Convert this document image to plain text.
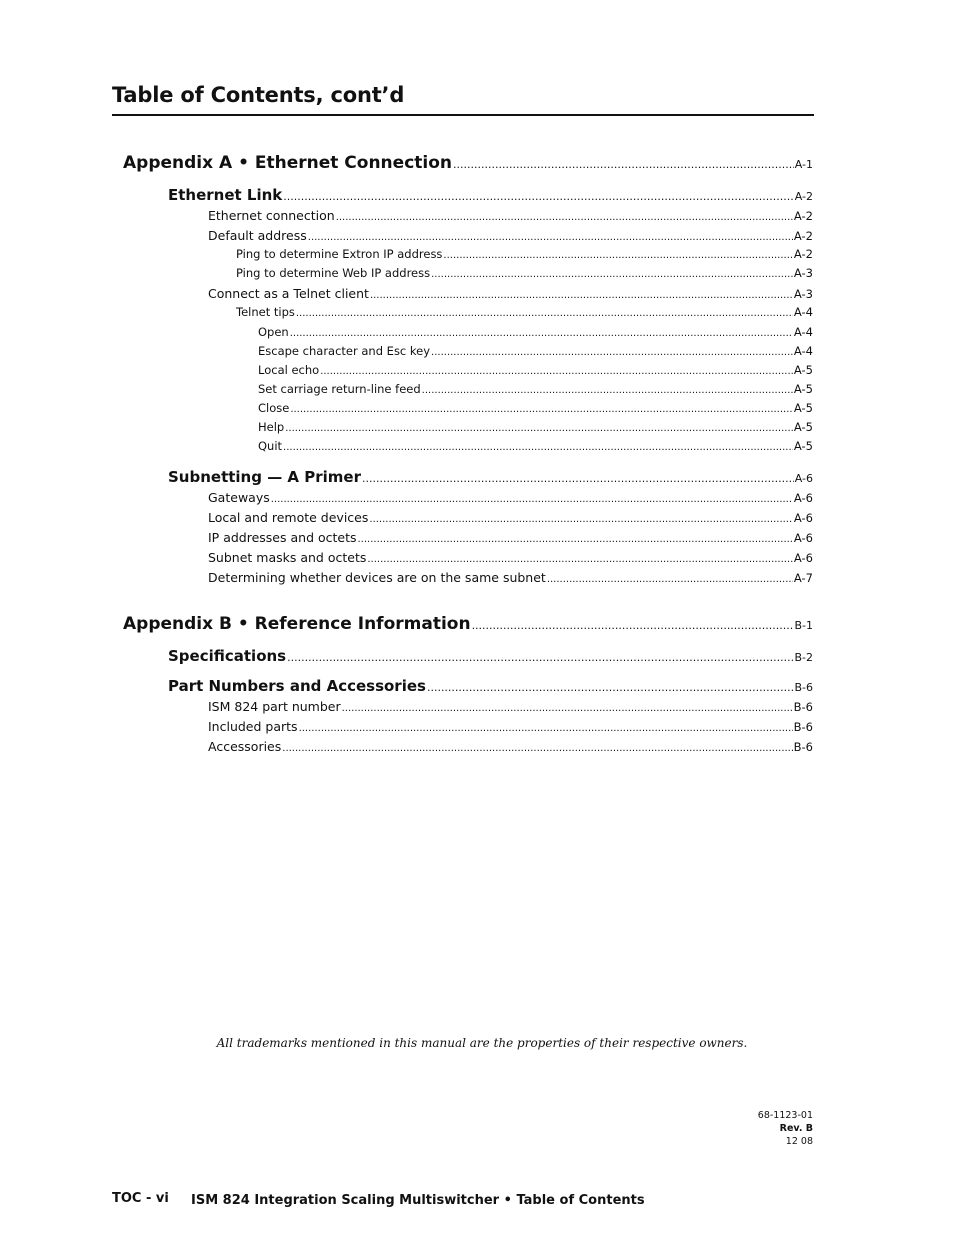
Table of Contents, cont’d
Appendix A • Ethernet Connection .....	A-1
Ethernet Link .....	A-2
Ethernet connection .....	A-2
Default address .....	A-2
Ping to determine Extron IP address .....	A-2
Ping to determine Web IP address .....	A-3
Connect as a Telnet client .....	A-3
Telnet tips .....	A-4
Open .....	A-4
Escape character and Esc key .....	A-4
Local echo .....	A-5
Set carriage return-line feed .....	A-5
Close .....	A-5
Help .....	A-5
Quit .....	A-5
Subnetting — A Primer .....	A-6
Gateways .....	A-6
Local and remote devices .....	A-6
IP addresses and octets .....	A-6
Subnet masks and octets .....	A-6
Determining whether devices are on the same subnet .....	A-7
Appendix B • Reference Information .....	B-1
Specifications .....	B-2
Part Numbers and Accessories .....	B-6
ISM 824 part number .....	B-6
Included parts .....	B-6
Accessories .....	B-6
All trademarks mentioned in this manual are the properties of their respective owners.
68-1123-01
Rev. B
12 08
TOC - vi ISM 824 Integration Scaling Multiswitcher • Table of Contents
